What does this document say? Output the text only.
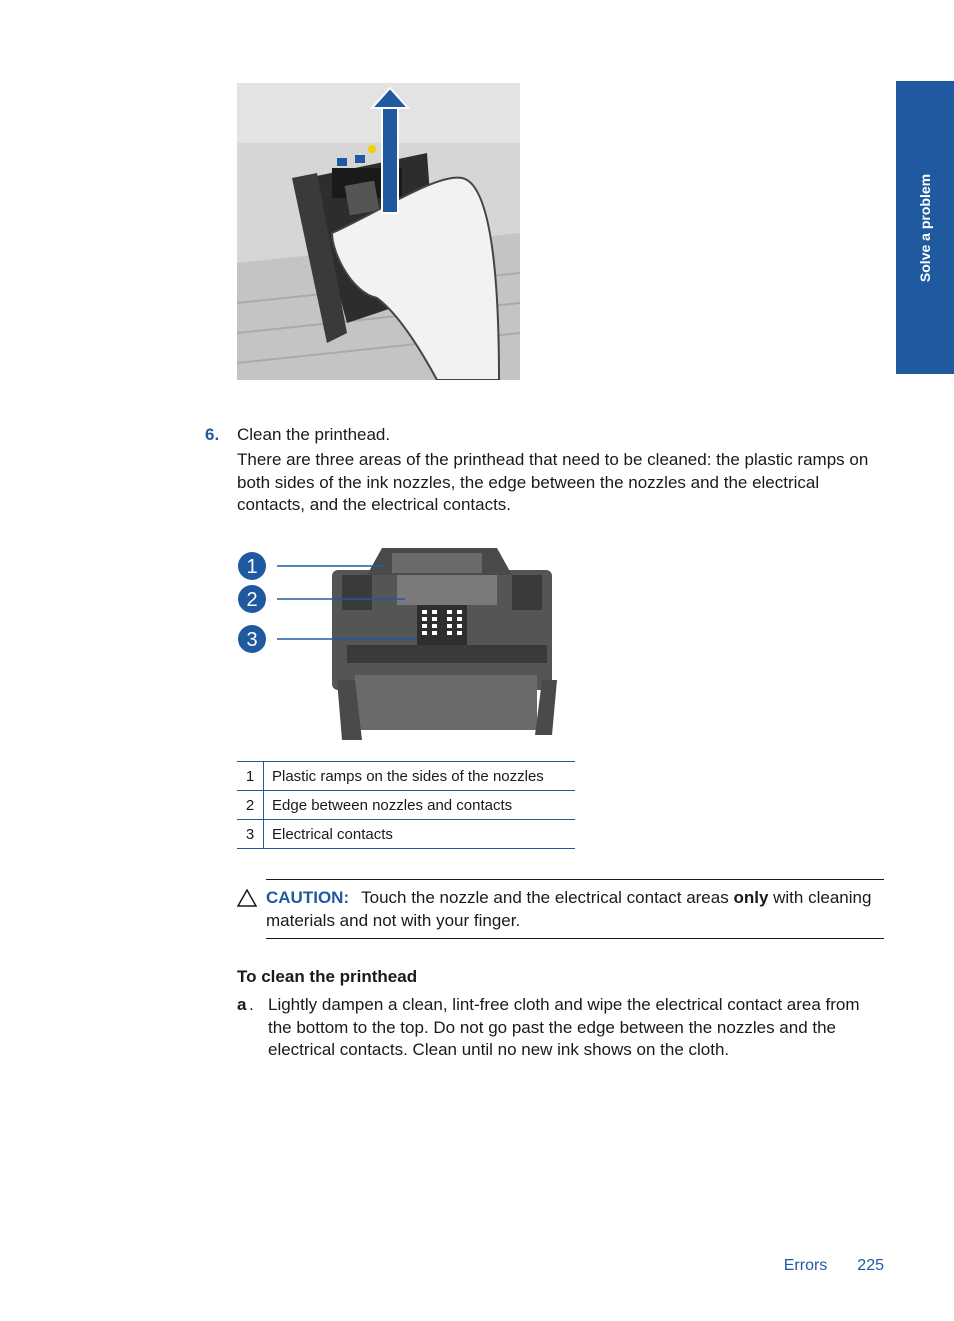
Solve a problem
6. Clean the printhead.
There are three areas of the printhead that need to be cleaned: the plastic ramps on both sides of the ink nozzles, the edge between the nozzles and the electrical contacts, and the electrical contacts.
1
2
3
1	Plastic ramps on the sides of the nozzles
2	Edge between nozzles and contacts
3	Electrical contacts
CAUTION: Touch the nozzle and the electrical contact areas only with cleaning materials and not with your finger.
To clean the printhead
a . Lightly dampen a clean, lint-free cloth and wipe the electrical contact area from the bottom to the top. Do not go past the edge between the nozzles and the electrical contacts. Clean until no new ink shows on the cloth.
Errors 225
